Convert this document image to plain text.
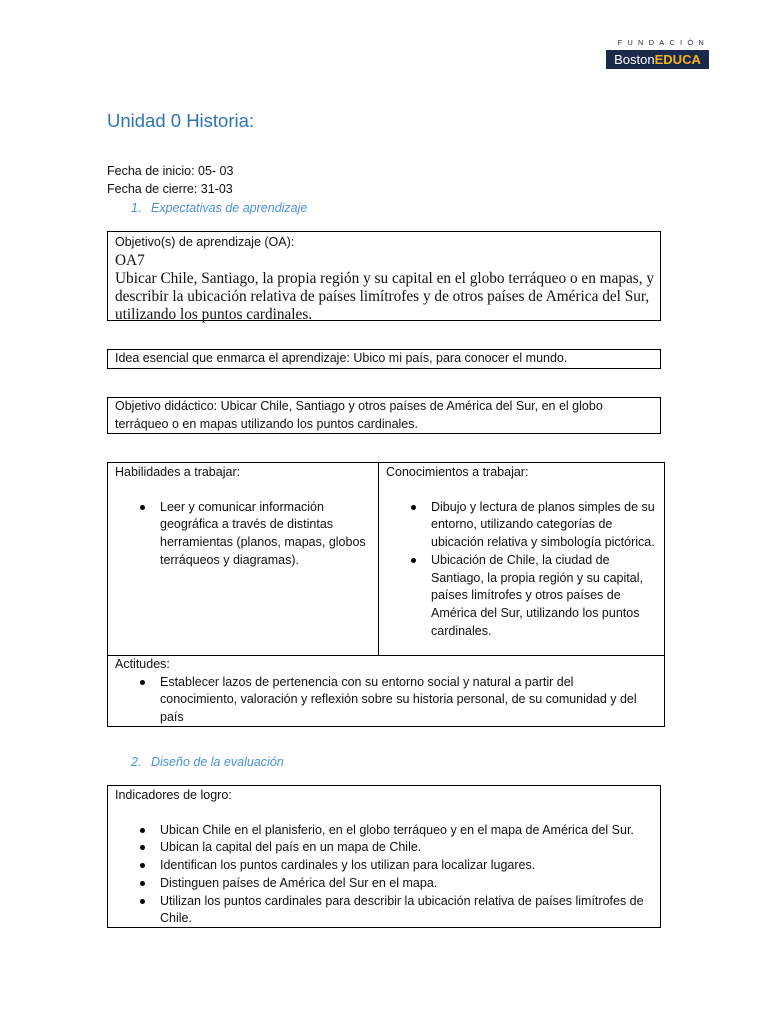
FUNDACIÓN
Boston EDUCA
Unidad 0 Historia:
Fecha de inicio: 05- 03
Fecha de cierre: 31-03
1. Expectativas de aprendizaje
Objetivo(s) de aprendizaje (OA):
OA7
Ubicar Chile, Santiago, la propia región y su capital en el globo terráqueo o en mapas, y
describir la ubicación relativa de países limítrofes y de otros países de América del Sur,
utilizando los puntos cardinales.
Idea esencial que enmarca el aprendizaje: Ubico mi país, para conocer el mundo.
Objetivo didáctico: Ubicar Chile, Santiago y otros países de América del Sur, en el globo
terráqueo o en mapas utilizando los puntos cardinales.
Habilidades a trabajar:
Leer y comunicar información
geográfica a través de distintas
herramientas (planos, mapas, globos
terráqueos y diagramas).
Conocimientos a trabajar:
Dibujo y lectura de planos simples de su
entorno, utilizando categorías de
ubicación relativa y simbología pictórica.
Ubicación de Chile, la ciudad de
Santiago, la propia región y su capital,
países limítrofes y otros países de
América del Sur, utilizando los puntos
cardinales.
Actitudes:
Establecer lazos de pertenencia con su entorno social y natural a partir del
conocimiento, valoración y reflexión sobre su historia personal, de su comunidad y del
país
2. Diseño de la evaluación
Indicadores de logro:
Ubican Chile en el planisferio, en el globo terráqueo y en el mapa de América del Sur.
Ubican la capital del país en un mapa de Chile.
Identifican los puntos cardinales y los utilizan para localizar lugares.
Distinguen países de América del Sur en el mapa.
Utilizan los puntos cardinales para describir la ubicación relativa de países limítrofes de
Chile.
